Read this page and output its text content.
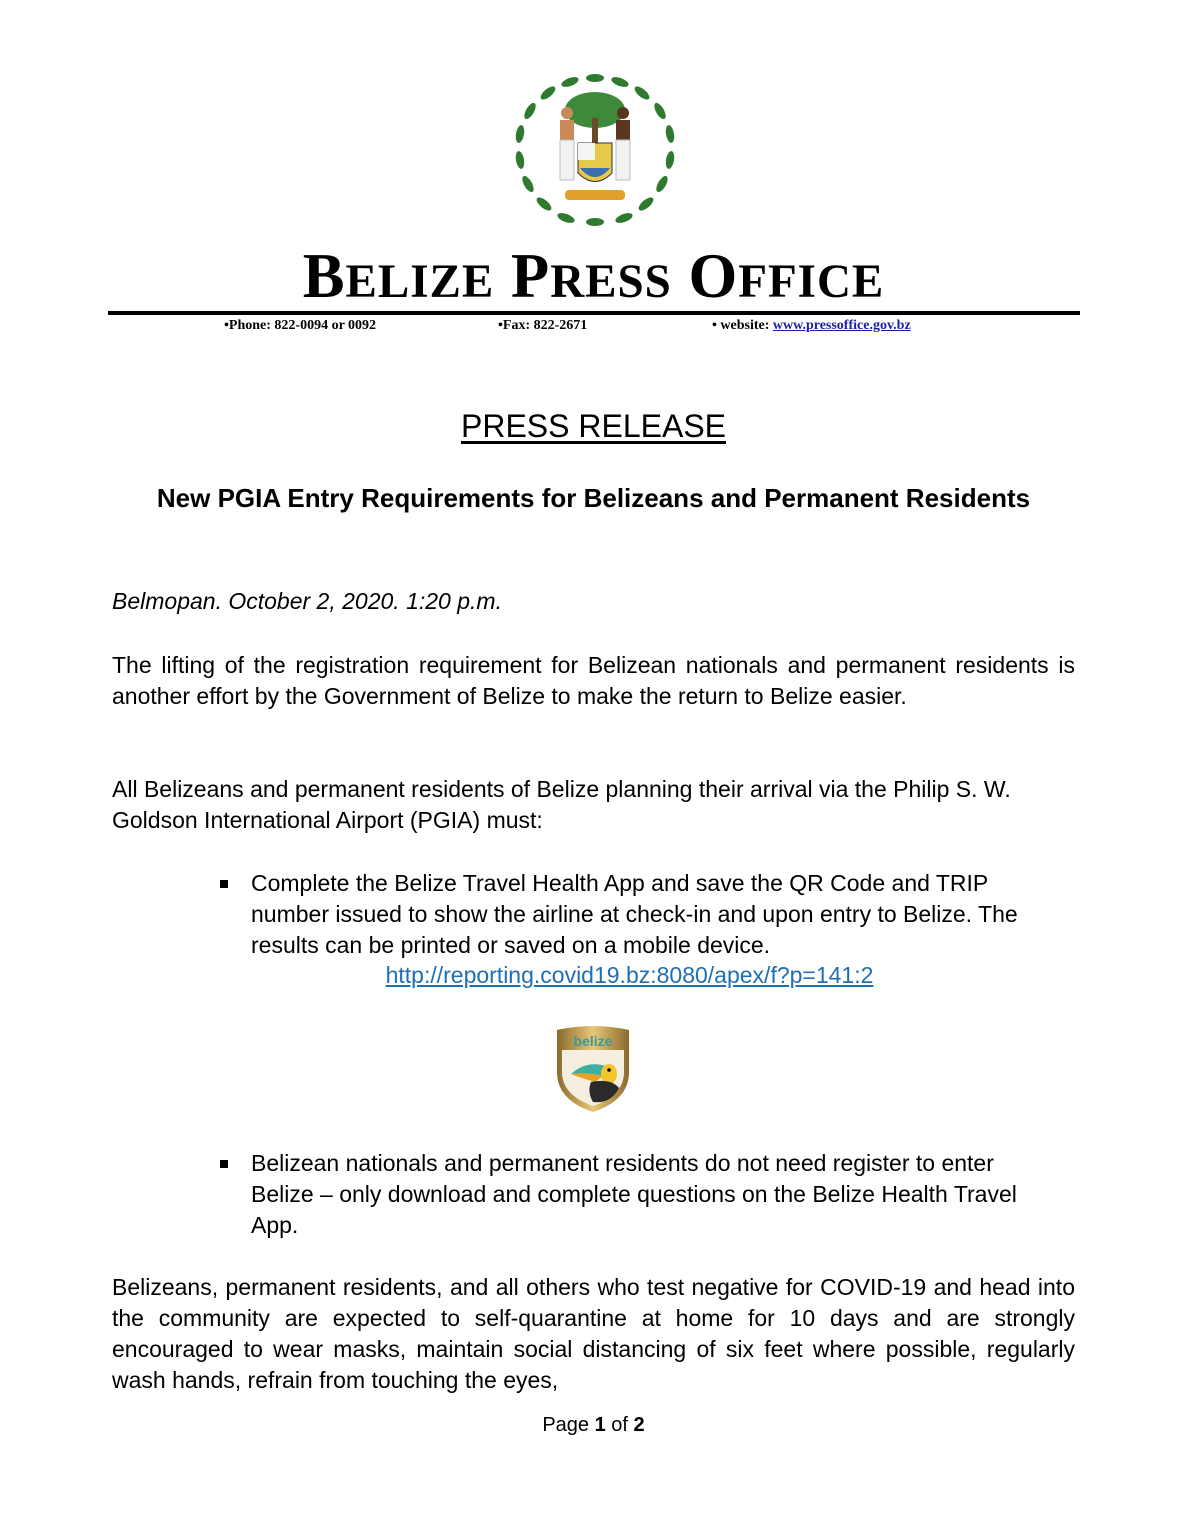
BELIZE PRESS OFFICE
•Phone: 822-0094 or 0092	•Fax: 822-2671	• website: www.pressoffice.gov.bz
PRESS RELEASE
New PGIA Entry Requirements for Belizeans and Permanent Residents
Belmopan. October 2, 2020. 1:20 p.m.
The lifting of the registration requirement for Belizean nationals and permanent residents is another effort by the Government of Belize to make the return to Belize easier.
All Belizeans and permanent residents of Belize planning their arrival via the Philip S. W. Goldson International Airport (PGIA) must:
Complete the Belize Travel Health App and save the QR Code and TRIP number issued to show the airline at check-in and upon entry to Belize. The results can be printed or saved on a mobile device.
http://reporting.covid19.bz:8080/apex/f?p=141:2
belize
Belizean nationals and permanent residents do not need register to enter Belize – only download and complete questions on the Belize Health Travel App.
Belizeans, permanent residents, and all others who test negative for COVID-19 and head into the community are expected to self-quarantine at home for 10 days and are strongly encouraged to wear masks, maintain social distancing of six feet where possible, regularly wash hands, refrain from touching the eyes,
Page 1 of 2
